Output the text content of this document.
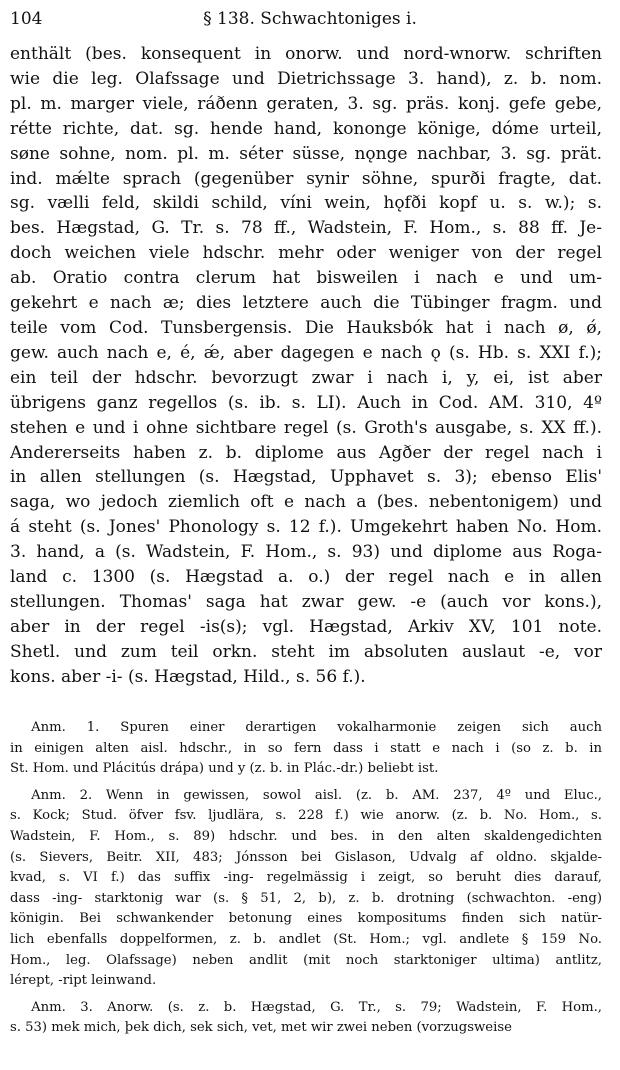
104	§ 138. Schwachtoniges i.
enthält (bes. konsequent in onorw. und nord-wnorw. schriften
wie die leg. Olafssage und Dietrichssage 3. hand), z. b. nom.
pl. m. marger viele, ráðenn geraten, 3. sg. präs. konj. gefe gebe,
rétte richte, dat. sg. hende hand, kononge könige, dóme urteil,
søne sohne, nom. pl. m. séter süsse, nǫnge nachbar, 3. sg. prät.
ind. mǽlte sprach (gegenüber synir söhne, spurði fragte, dat.
sg. vælli feld, skildi schild, víni wein, hǫfði kopf u. s. w.); s.
bes. Hægstad, G. Tr. s. 78 ff., Wadstein, F. Hom., s. 88 ff. Je-
doch weichen viele hdschr. mehr oder weniger von der regel
ab. Oratio contra clerum hat bisweilen i nach e und um-
gekehrt e nach æ; dies letztere auch die Tübinger fragm. und
teile vom Cod. Tunsbergensis. Die Hauksbók hat i nach ø, ǿ,
gew. auch nach e, é, ǽ, aber dagegen e nach ǫ (s. Hb. s. XXI f.);
ein teil der hdschr. bevorzugt zwar i nach i, y, ei, ist aber
übrigens ganz regellos (s. ib. s. LI). Auch in Cod. AM. 310, 4º
stehen e und i ohne sichtbare regel (s. Groth's ausgabe, s. XX ff.).
Andererseits haben z. b. diplome aus Agðer der regel nach i
in allen stellungen (s. Hægstad, Upphavet s. 3); ebenso Elis'
saga, wo jedoch ziemlich oft e nach a (bes. nebentonigem) und
á steht (s. Jones' Phonology s. 12 f.). Umgekehrt haben No. Hom.
3. hand, a (s. Wadstein, F. Hom., s. 93) und diplome aus Roga-
land c. 1300 (s. Hægstad a. o.) der regel nach e in allen
stellungen. Thomas' saga hat zwar gew. -e (auch vor kons.),
aber in der regel -is(s); vgl. Hægstad, Arkiv XV, 101 note.
Shetl. und zum teil orkn. steht im absoluten auslaut -e, vor
kons. aber -i- (s. Hægstad, Hild., s. 56 f.).
Anm. 1. Spuren einer derartigen vokalharmonie zeigen sich auch
in einigen alten aisl. hdschr., in so fern dass i statt e nach i (so z. b. in
St. Hom. und Plácitús drápa) und y (z. b. in Plác.-dr.) beliebt ist.
Anm. 2. Wenn in gewissen, sowol aisl. (z. b. AM. 237, 4º und Eluc.,
s. Kock; Stud. öfver fsv. ljudlära, s. 228 f.) wie anorw. (z. b. No. Hom., s.
Wadstein, F. Hom., s. 89) hdschr. und bes. in den alten skaldengedichten
(s. Sievers, Beitr. XII, 483; Jónsson bei Gislason, Udvalg af oldno. skjalde-
kvad, s. VI f.) das suffix -ing- regelmässig i zeigt, so beruht dies darauf,
dass -ing- starktonig war (s. § 51, 2, b), z. b. drotning (schwachton. -eng)
königin. Bei schwankender betonung eines kompositums finden sich natür-
lich ebenfalls doppelformen, z. b. andlet (St. Hom.; vgl. andlete § 159 No.
Hom., leg. Olafssage) neben andlit (mit noch starktoniger ultima) antlitz,
lérept, -ript leinwand.
Anm. 3. Anorw. (s. z. b. Hægstad, G. Tr., s. 79; Wadstein, F. Hom.,
s. 53) mek mich, þek dich, sek sich, vet, met wir zwei neben (vorzugsweise
